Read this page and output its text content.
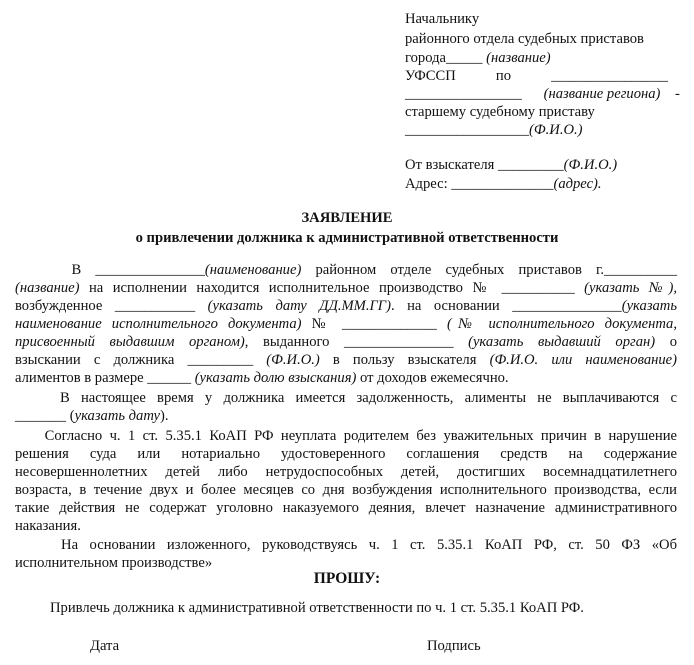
Начальнику
районного отдела судебных приставов
города_____ (название)
УФССП           по           ________________
________________      (название региона)    -
старшему судебному приставу
_________________(Ф.И.О.)
От взыскателя _________(Ф.И.О.)
Адрес: ______________(адрес).
ЗАЯВЛЕНИЕ
о привлечении должника к административной ответственности
В _______________(наименование) районном отделе судебных приставов г.__________
(название) на исполнении находится исполнительное производство № __________ (указать №),
возбужденное ___________ (указать дату ДД.ММ.ГГ). на основании _______________(указать
наименование исполнительного документа) № _____________ (№ исполнительного документа,
присвоенный выдавшим органом), выданного _______________ (указать выдавший орган) о
взыскании с должника _________ (Ф.И.О.) в пользу взыскателя (Ф.И.О. или наименование)
алиментов в размере ______ (указать долю взыскания) от доходов ежемесячно.
В настоящее время у должника имеется задолженность, алименты не выплачиваются с
_______ (указать дату).
Согласно ч. 1 ст. 5.35.1 КоАП РФ неуплата родителем без уважительных причин в нарушение
решения суда или нотариально удостоверенного соглашения средств на содержание
несовершеннолетних детей либо нетрудоспособных детей, достигших восемнадцатилетнего
возраста, в течение двух и более месяцев со дня возбуждения исполнительного производства, если
такие действия не содержат уголовно наказуемого деяния, влечет назначение административного
наказания.
На основании изложенного, руководствуясь ч. 1 ст. 5.35.1 КоАП РФ, ст. 50 ФЗ «Об
исполнительном производстве»
ПРОШУ:
Привлечь должника к административной ответственности по ч. 1 ст. 5.35.1 КоАП РФ.
Дата	Подпись
